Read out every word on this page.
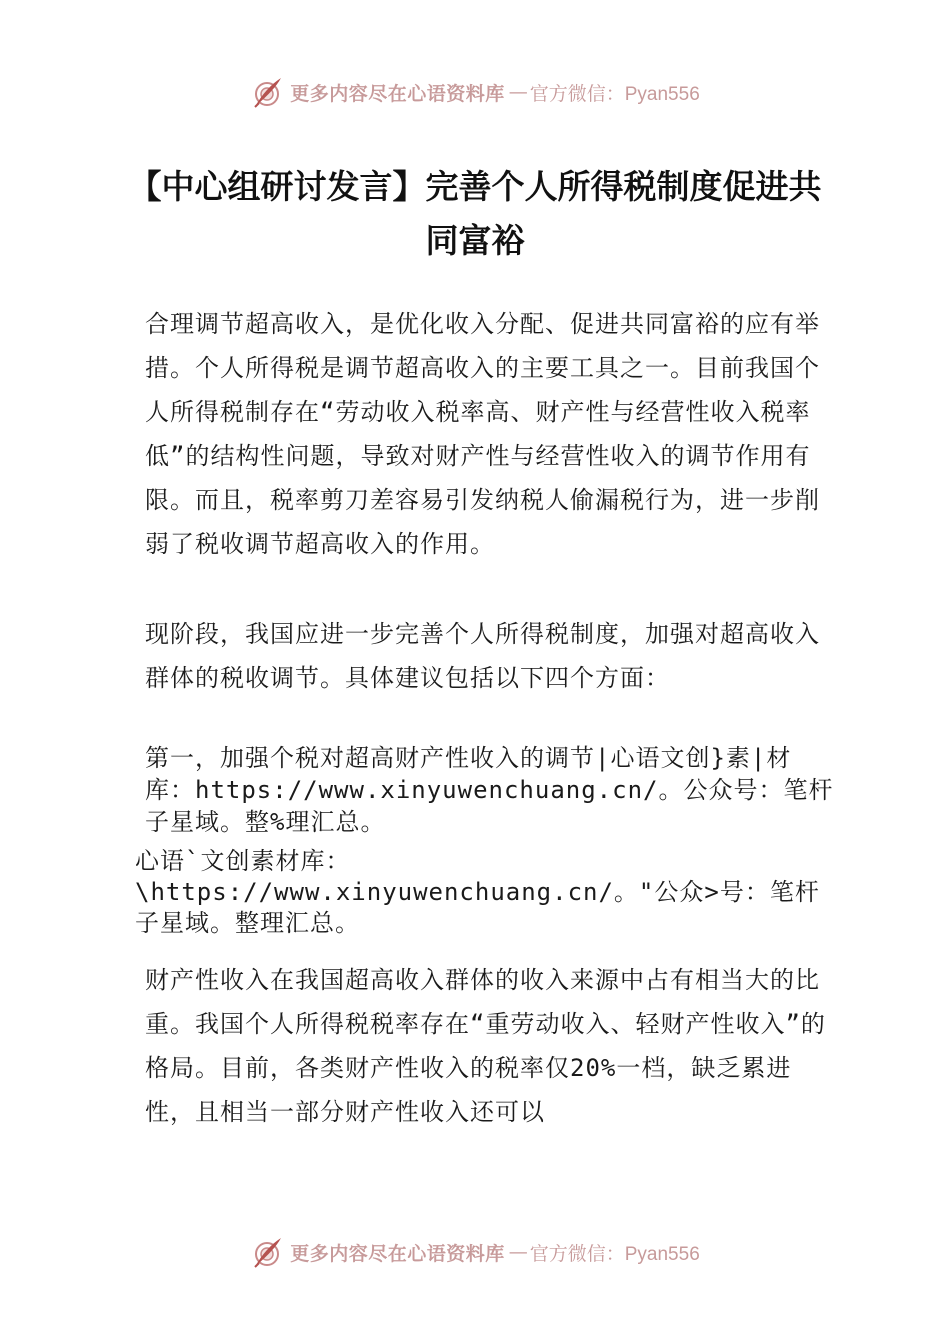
更多内容尽在心语资料库 — 官方微信：Pyan556
【中心组研讨发言】完善个人所得税制度促进共同富裕

合理调节超高收入，是优化收入分配、促进共同富裕的应有举措。个人所得税是调节超高收入的主要工具之一。目前我国个人所得税制存在“劳动收入税率高、财产性与经营性收入税率低”的结构性问题，导致对财产性与经营性收入的调节作用有限。而且，税率剪刀差容易引发纳税人偷漏税行为，进一步削弱了税收调节超高收入的作用。

现阶段，我国应进一步完善个人所得税制度，加强对超高收入群体的税收调节。具体建议包括以下四个方面：

第一，加强个税对超高财产性收入的调节|心语文创}素|材库：https://www.xinyuwenchuang.cn/。公众号：笔杆子星域。整%理汇总。

心语`文创素材库：\https://www.xinyuwenchuang.cn/。"公众>号：笔杆子星域。整理汇总。

财产性收入在我国超高收入群体的收入来源中占有相当大的比重。我国个人所得税税率存在“重劳动收入、轻财产性收入”的格局。目前，各类财产性收入的税率仅20%一档，缺乏累进性，且相当一部分财产性收入还可以

更多内容尽在心语资料库 — 官方微信：Pyan556
